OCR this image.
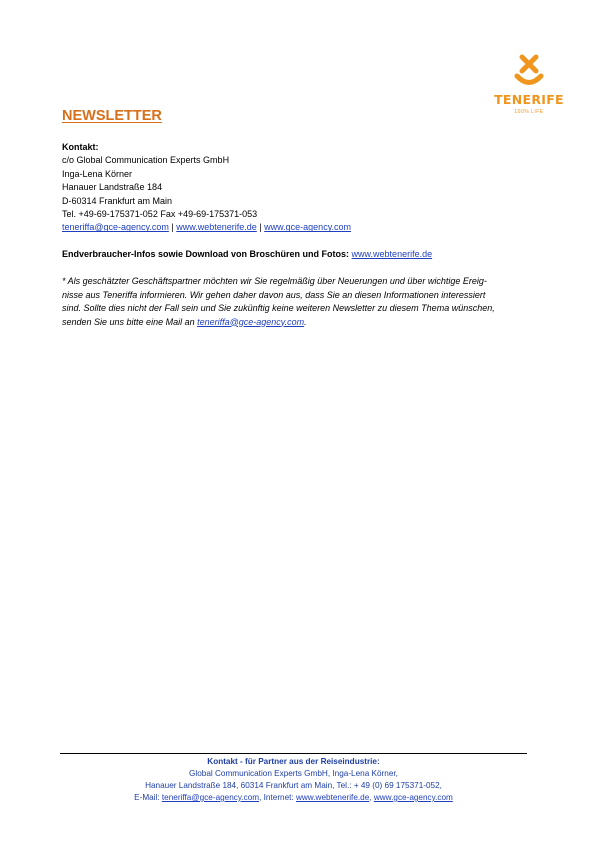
TENERIFE
100% LIFE
NEWSLETTER
Kontakt:
c/o Global Communication Experts GmbH
Inga-Lena Körner
Hanauer Landstraße 184
D-60314 Frankfurt am Main
Tel. +49-69-175371-052 Fax +49-69-175371-053
teneriffa@gce-agency.com | www.webtenerife.de | www.gce-agency.com
Endverbraucher-Infos sowie Download von Broschüren und Fotos: www.webtenerife.de
* Als geschätzter Geschäftspartner möchten wir Sie regelmäßig über Neuerungen und über wichtige Ereig-
nisse aus Teneriffa informieren. Wir gehen daher davon aus, dass Sie an diesen Informationen interessiert
sind. Sollte dies nicht der Fall sein und Sie zukünftig keine weiteren Newsletter zu diesem Thema wünschen,
senden Sie uns bitte eine Mail an teneriffa@gce-agency.com.
Kontakt - für Partner aus der Reiseindustrie:
Global Communication Experts GmbH, Inga-Lena Körner,
Hanauer Landstraße 184, 60314 Frankfurt am Main, Tel.: + 49 (0) 69 175371-052,
E-Mail: teneriffa@gce-agency.com, Internet: www.webtenerife.de, www.gce-agency.com
